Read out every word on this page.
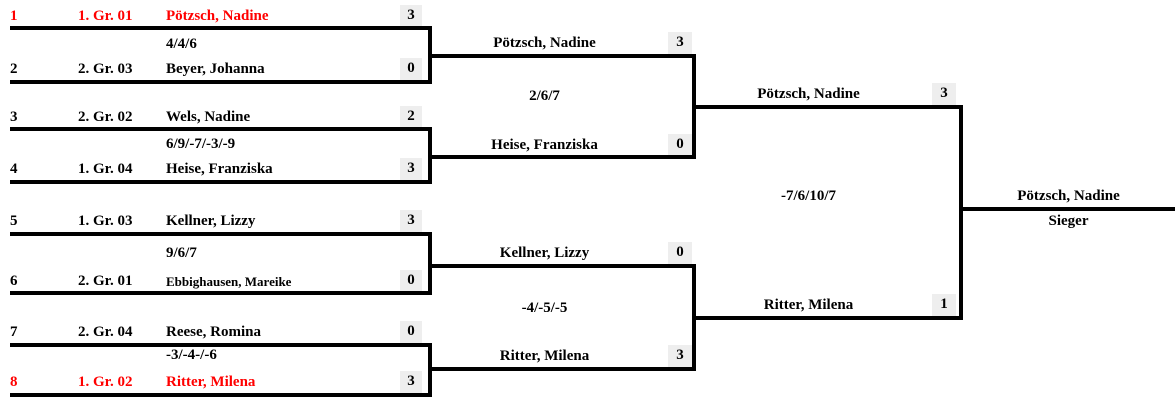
1	1. Gr. 01 Pötzsch, Nadine	3
2	2. Gr. 03 Beyer, Johanna	0
3	2. Gr. 02 Wels, Nadine	2
4	1. Gr. 04 Heise, Franziska	3
5	1. Gr. 03 Kellner, Lizzy	3
6	2. Gr. 01	Ebbighausen, Mareike	0
7	2. Gr. 04 Reese, Romina	0
8	1. Gr. 02 Ritter, Milena	3
4/4/6
6/9/-7/-3/-9
9/6/7
-3/-4-/-6
Pötzsch, Nadine	3
Heise, Franziska	0
Kellner, Lizzy	0
Ritter, Milena	3
2/6/7
-4/-5/-5
Pötzsch, Nadine	3
Ritter, Milena	1
-7/6/10/7	Pötzsch, Nadine
Sieger
